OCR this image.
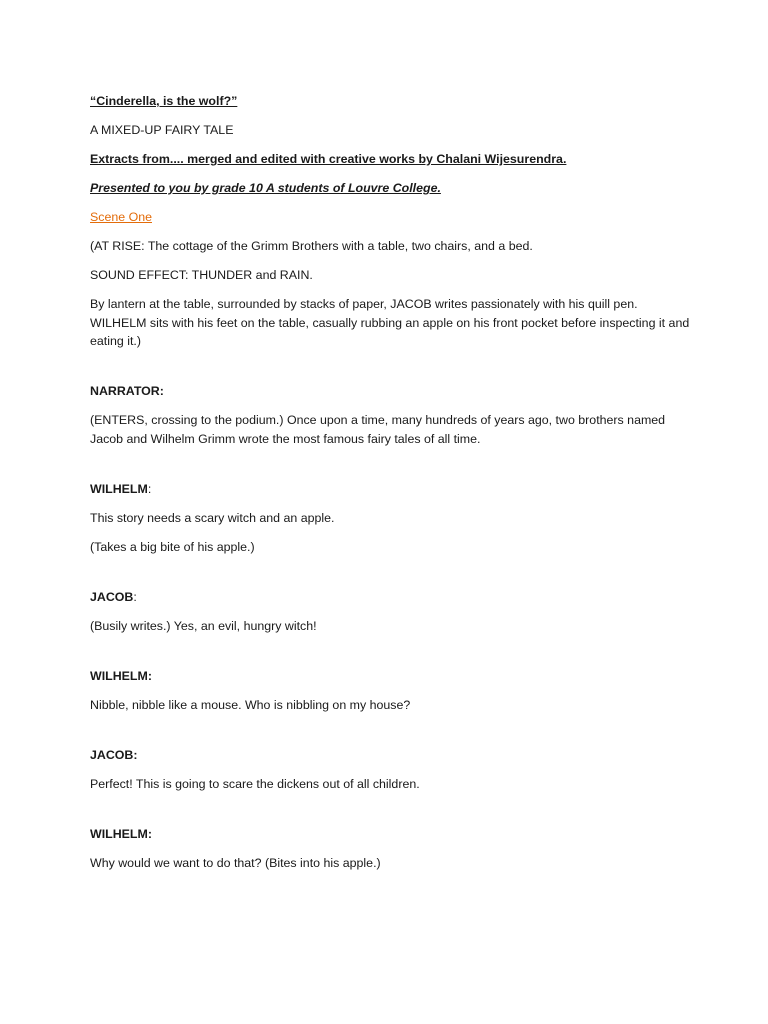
“Cinderella, is the wolf?”

A MIXED-UP FAIRY TALE

Extracts from.... merged and edited with creative works by Chalani Wijesurendra.

Presented to you by grade 10 A students of Louvre College.

Scene One

(AT RISE: The cottage of the Grimm Brothers with a table, two chairs, and a bed.

SOUND EFFECT: THUNDER and RAIN.

By lantern at the table, surrounded by stacks of paper, JACOB writes passionately with his quill pen. WILHELM sits with his feet on the table, casually rubbing an apple on his front pocket before inspecting it and eating it.)

NARRATOR:

(ENTERS, crossing to the podium.) Once upon a time, many hundreds of years ago, two brothers named Jacob and Wilhelm Grimm wrote the most famous fairy tales of all time.

WILHELM:

This story needs a scary witch and an apple.

(Takes a big bite of his apple.)

JACOB:

(Busily writes.) Yes, an evil, hungry witch!

WILHELM:

Nibble, nibble like a mouse. Who is nibbling on my house?

JACOB:

Perfect! This is going to scare the dickens out of all children.

WILHELM:

Why would we want to do that? (Bites into his apple.)
